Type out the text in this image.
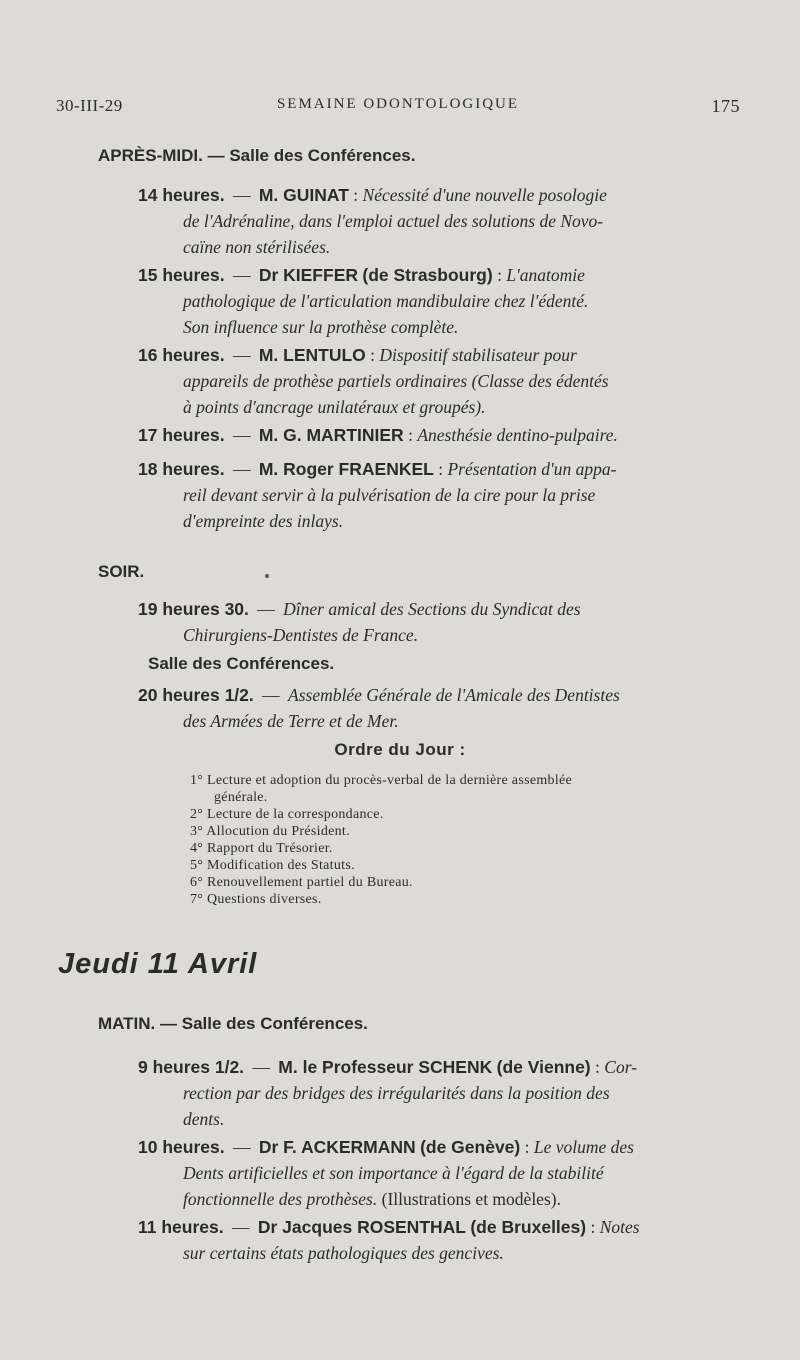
30-III-29	SEMAINE ODONTOLOGIQUE	175
APRÈS-MIDI. — Salle des Conférences.
14 heures. — M. GUINAT : Nécessité d'une nouvelle posologie
de l'Adrénaline, dans l'emploi actuel des solutions de Novo-
caïne non stérilisées.
15 heures. — Dr KIEFFER (de Strasbourg) : L'anatomie
pathologique de l'articulation mandibulaire chez l'édenté.
Son influence sur la prothèse complète.
16 heures. — M. LENTULO : Dispositif stabilisateur pour
appareils de prothèse partiels ordinaires (Classe des édentés
à points d'ancrage unilatéraux et groupés).
17 heures. — M. G. MARTINIER : Anesthésie dentino-pulpaire.
18 heures. — M. Roger FRAENKEL : Présentation d'un appa-
reil devant servir à la pulvérisation de la cire pour la prise
d'empreinte des inlays.
SOIR.
19 heures 30. — Dîner amical des Sections du Syndicat des
Chirurgiens-Dentistes de France.
Salle des Conférences.
20 heures 1/2. — Assemblée Générale de l'Amicale des Dentistes
des Armées de Terre et de Mer.
Ordre du Jour :
1° Lecture et adoption du procès-verbal de la dernière assemblée
générale.
2° Lecture de la correspondance.
3° Allocution du Président.
4° Rapport du Trésorier.
5° Modification des Statuts.
6° Renouvellement partiel du Bureau.
7° Questions diverses.
Jeudi 11 Avril
MATIN. — Salle des Conférences.
9 heures 1/2. — M. le Professeur SCHENK (de Vienne) : Cor-
rection par des bridges des irrégularités dans la position des
dents.
10 heures. — Dr F. ACKERMANN (de Genève) : Le volume des
Dents artificielles et son importance à l'égard de la stabilité
fonctionnelle des prothèses. (Illustrations et modèles).
11 heures. — Dr Jacques ROSENTHAL (de Bruxelles) : Notes
sur certains états pathologiques des gencives.
